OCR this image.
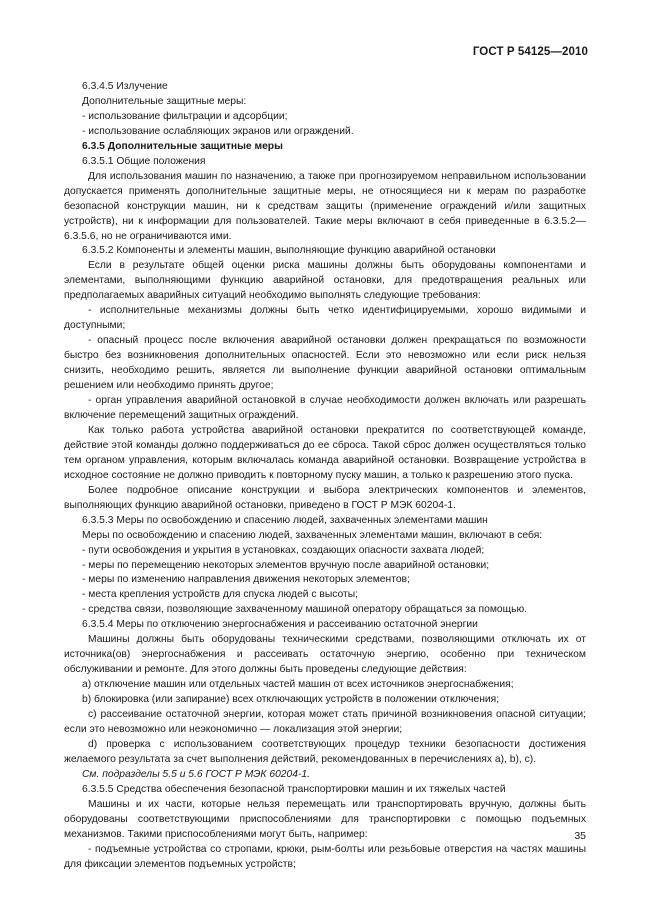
ГОСТ Р 54125—2010

6.3.4.5 Излучение

Дополнительные защитные меры:

- использование фильтрации и адсорбции;

- использование ослабляющих экранов или ограждений.

6.3.5 Дополнительные защитные меры

6.3.5.1 Общие положения

Для использования машин по назначению, а также при прогнозируемом неправильном использовании допускается применять дополнительные защитные меры, не относящиеся ни к мерам по разработке безопасной конструкции машин, ни к средствам защиты (применение ограждений и/или защитных устройств), ни к информации для пользователей. Такие меры включают в себя приведенные в 6.3.5.2—6.3.5.6, но не ограничиваются ими.

6.3.5.2 Компоненты и элементы машин, выполняющие функцию аварийной остановки

Если в результате общей оценки риска машины должны быть оборудованы компонентами и элементами, выполняющими функцию аварийной остановки, для предотвращения реальных или предполагаемых аварийных ситуаций необходимо выполнять следующие требования:

- исполнительные механизмы должны быть четко идентифицируемыми, хорошо видимыми и доступными;

- опасный процесс после включения аварийной остановки должен прекращаться по возможности быстро без возникновения дополнительных опасностей. Если это невозможно или если риск нельзя снизить, необходимо решить, является ли выполнение функции аварийной остановки оптимальным решением или необходимо принять другое;

- орган управления аварийной остановкой в случае необходимости должен включать или разрешать включение перемещений защитных ограждений.

Как только работа устройства аварийной остановки прекратится по соответствующей команде, действие этой команды должно поддерживаться до ее сброса. Такой сброс должен осуществляться только тем органом управления, которым включалась команда аварийной остановки. Возвращение устройства в исходное состояние не должно приводить к повторному пуску машин, а только к разрешению этого пуска.

Более подробное описание конструкции и выбора электрических компонентов и элементов, выполняющих функцию аварийной остановки, приведено в ГОСТ Р МЭК 60204-1.

6.3.5.3 Меры по освобождению и спасению людей, захваченных элементами машин

Меры по освобождению и спасению людей, захваченных элементами машин, включают в себя:

- пути освобождения и укрытия в установках, создающих опасности захвата людей;

- меры по перемещению некоторых элементов вручную после аварийной остановки;

- меры по изменению направления движения некоторых элементов;

- места крепления устройств для спуска людей с высоты;

- средства связи, позволяющие захваченному машиной оператору обращаться за помощью.

6.3.5.4 Меры по отключению энергоснабжения и рассеиванию остаточной энергии

Машины должны быть оборудованы техническими средствами, позволяющими отключать их от источника(ов) энергоснабжения и рассеивать остаточную энергию, особенно при техническом обслуживании и ремонте. Для этого должны быть проведены следующие действия:

а) отключение машин или отдельных частей машин от всех источников энергоснабжения;

b) блокировка (или запирание) всех отключающих устройств в положении отключения;

с) рассеивание остаточной энергии, которая может стать причиной возникновения опасной ситуации; если это невозможно или неэкономично — локализация этой энергии;

d) проверка с использованием соответствующих процедур техники безопасности достижения желаемого результата за счет выполнения действий, рекомендованных в перечислениях а), b), с).

См. подразделы 5.5 и 5.6 ГОСТ Р МЭК 60204-1.

6.3.5.5 Средства обеспечения безопасной транспортировки машин и их тяжелых частей

Машины и их части, которые нельзя перемещать или транспортировать вручную, должны быть оборудованы соответствующими приспособлениями для транспортировки с помощью подъемных механизмов. Такими приспособлениями могут быть, например:

- подъемные устройства со стропами, крюки, рым-болты или резьбовые отверстия на частях машины для фиксации элементов подъемных устройств;

35
